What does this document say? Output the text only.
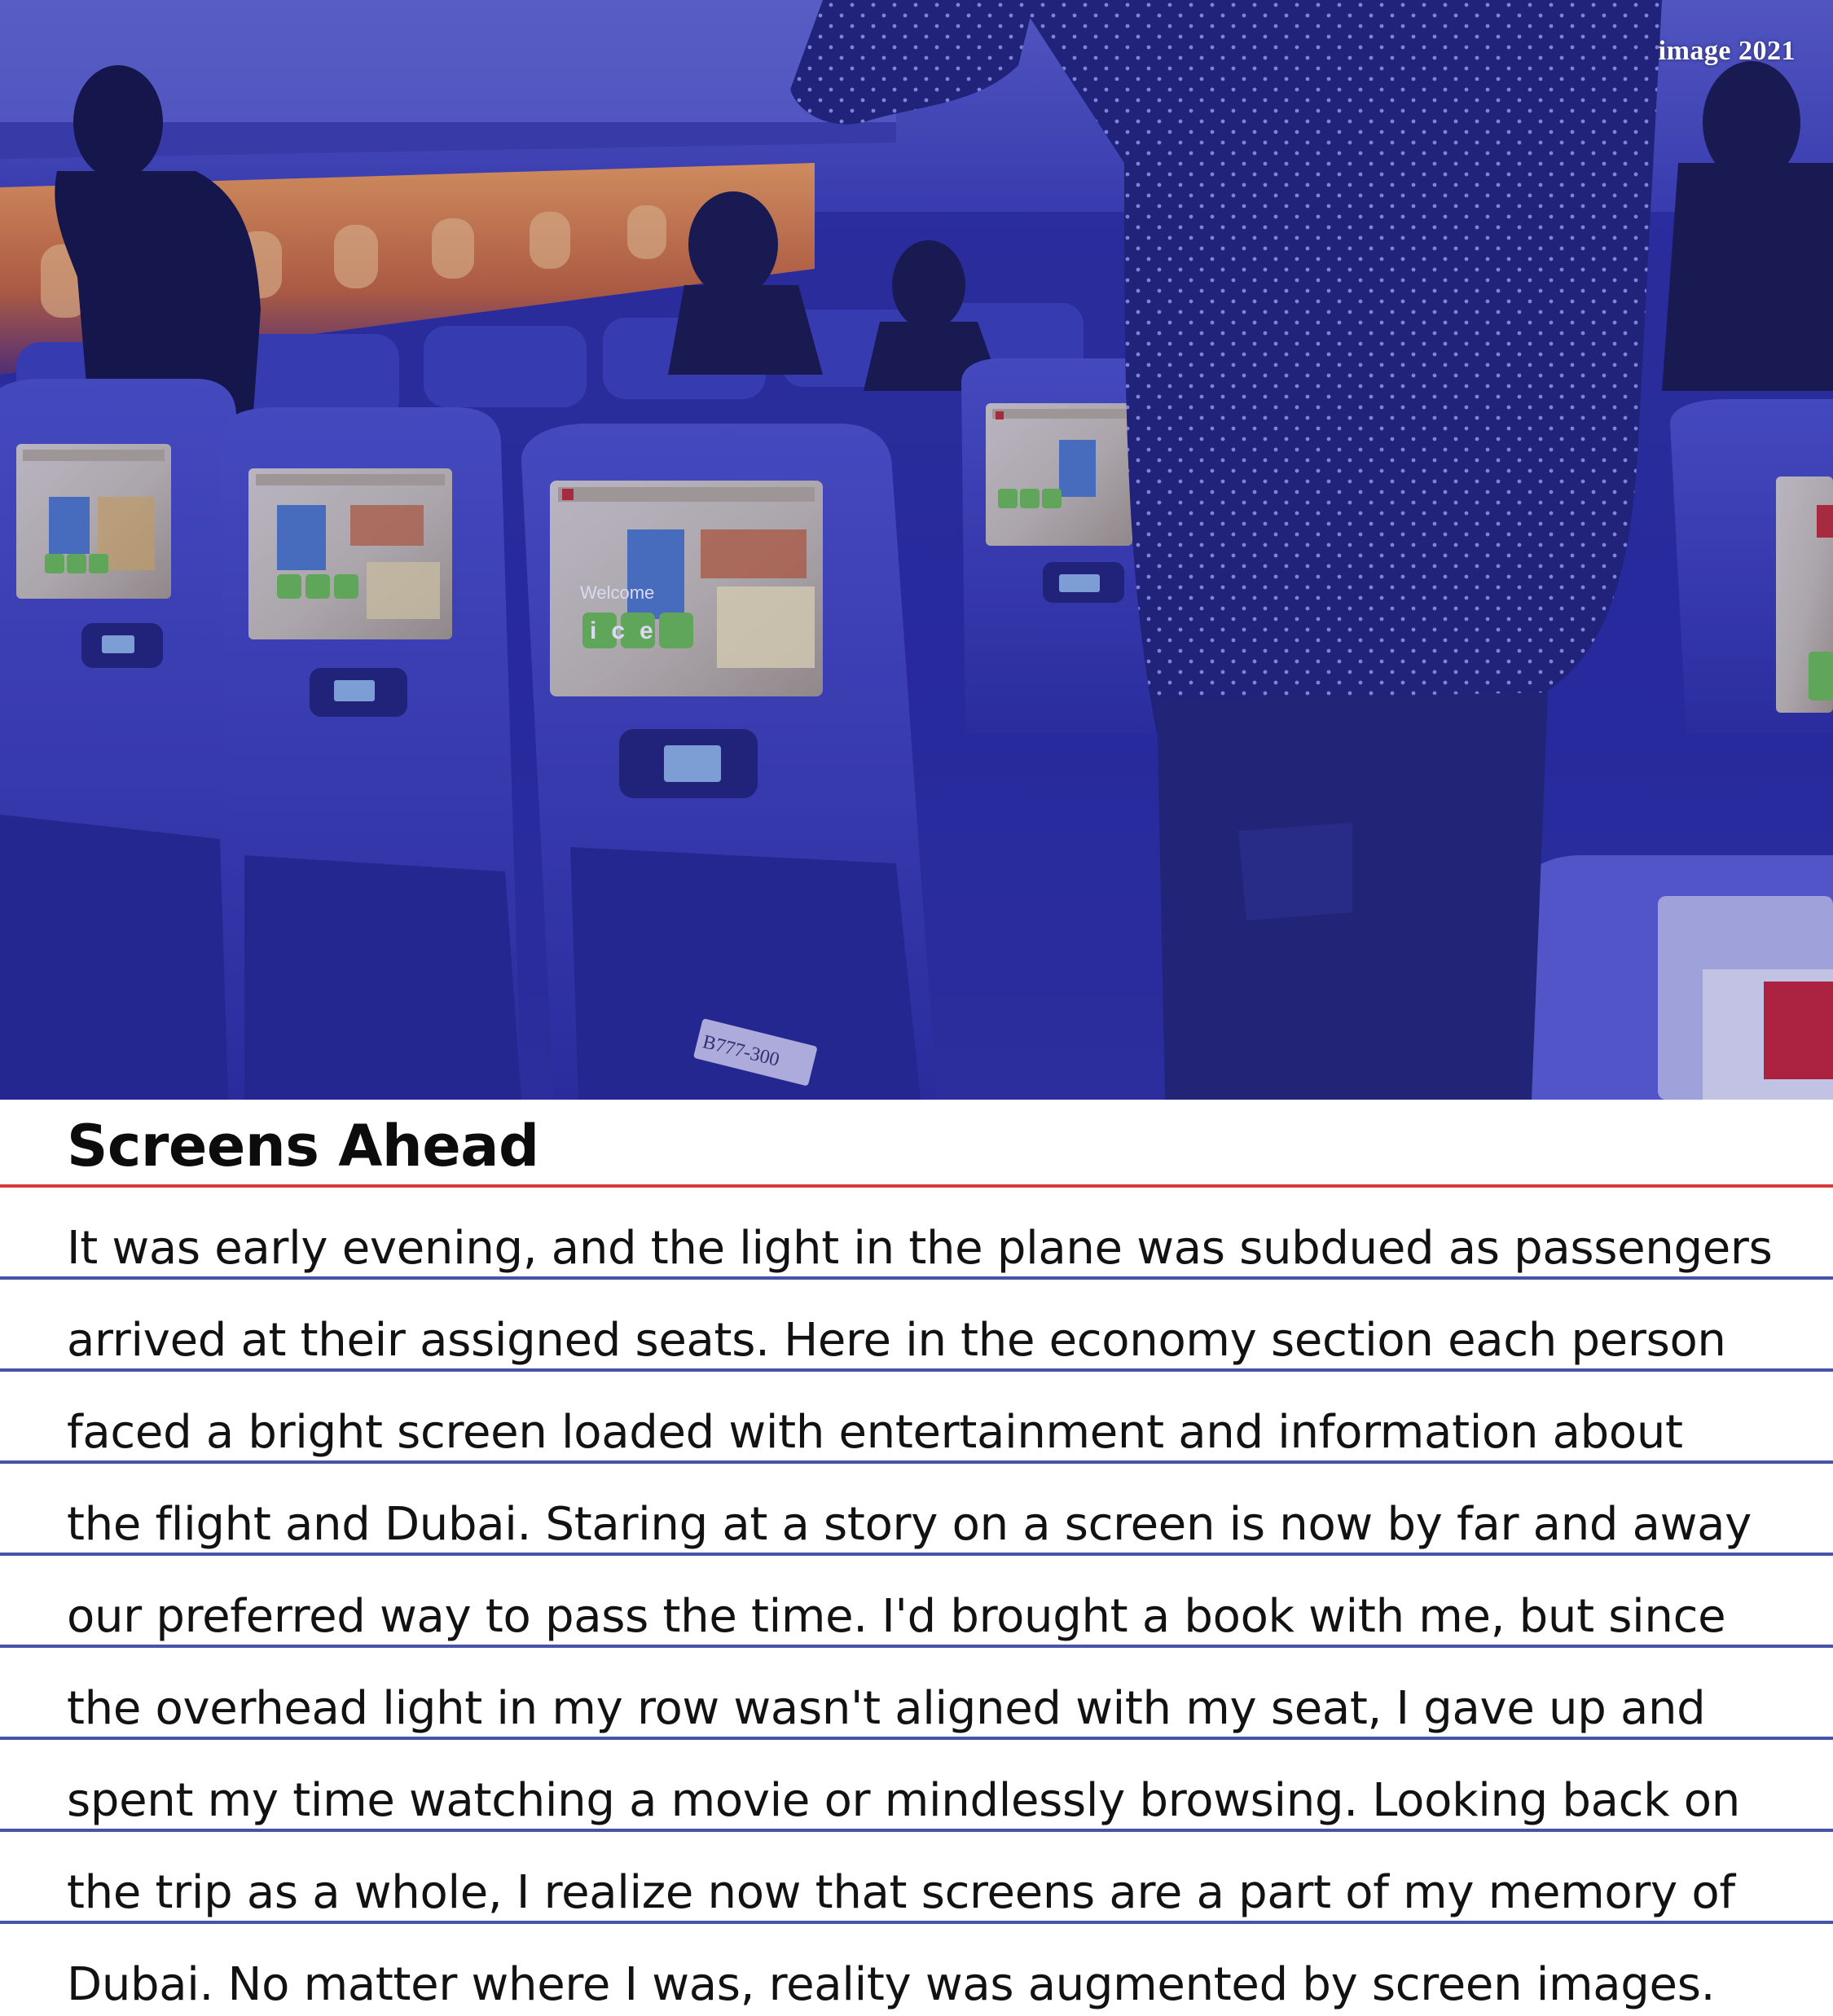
Welcome
ice
B777-300
image 2021
Screens Ahead
It was early evening, and the light in the plane was subdued as passengers
arrived at their assigned seats. Here in the economy section each person
faced a bright screen loaded with entertainment and information about
the flight and Dubai. Staring at a story on a screen is now by far and away
our preferred way to pass the time. I'd brought a book with me, but since
the overhead light in my row wasn't aligned with my seat, I gave up and
spent my time watching a movie or mindlessly browsing. Looking back on
the trip as a whole, I realize now that screens are a part of my memory of
Dubai. No matter where I was, reality was augmented by screen images.
